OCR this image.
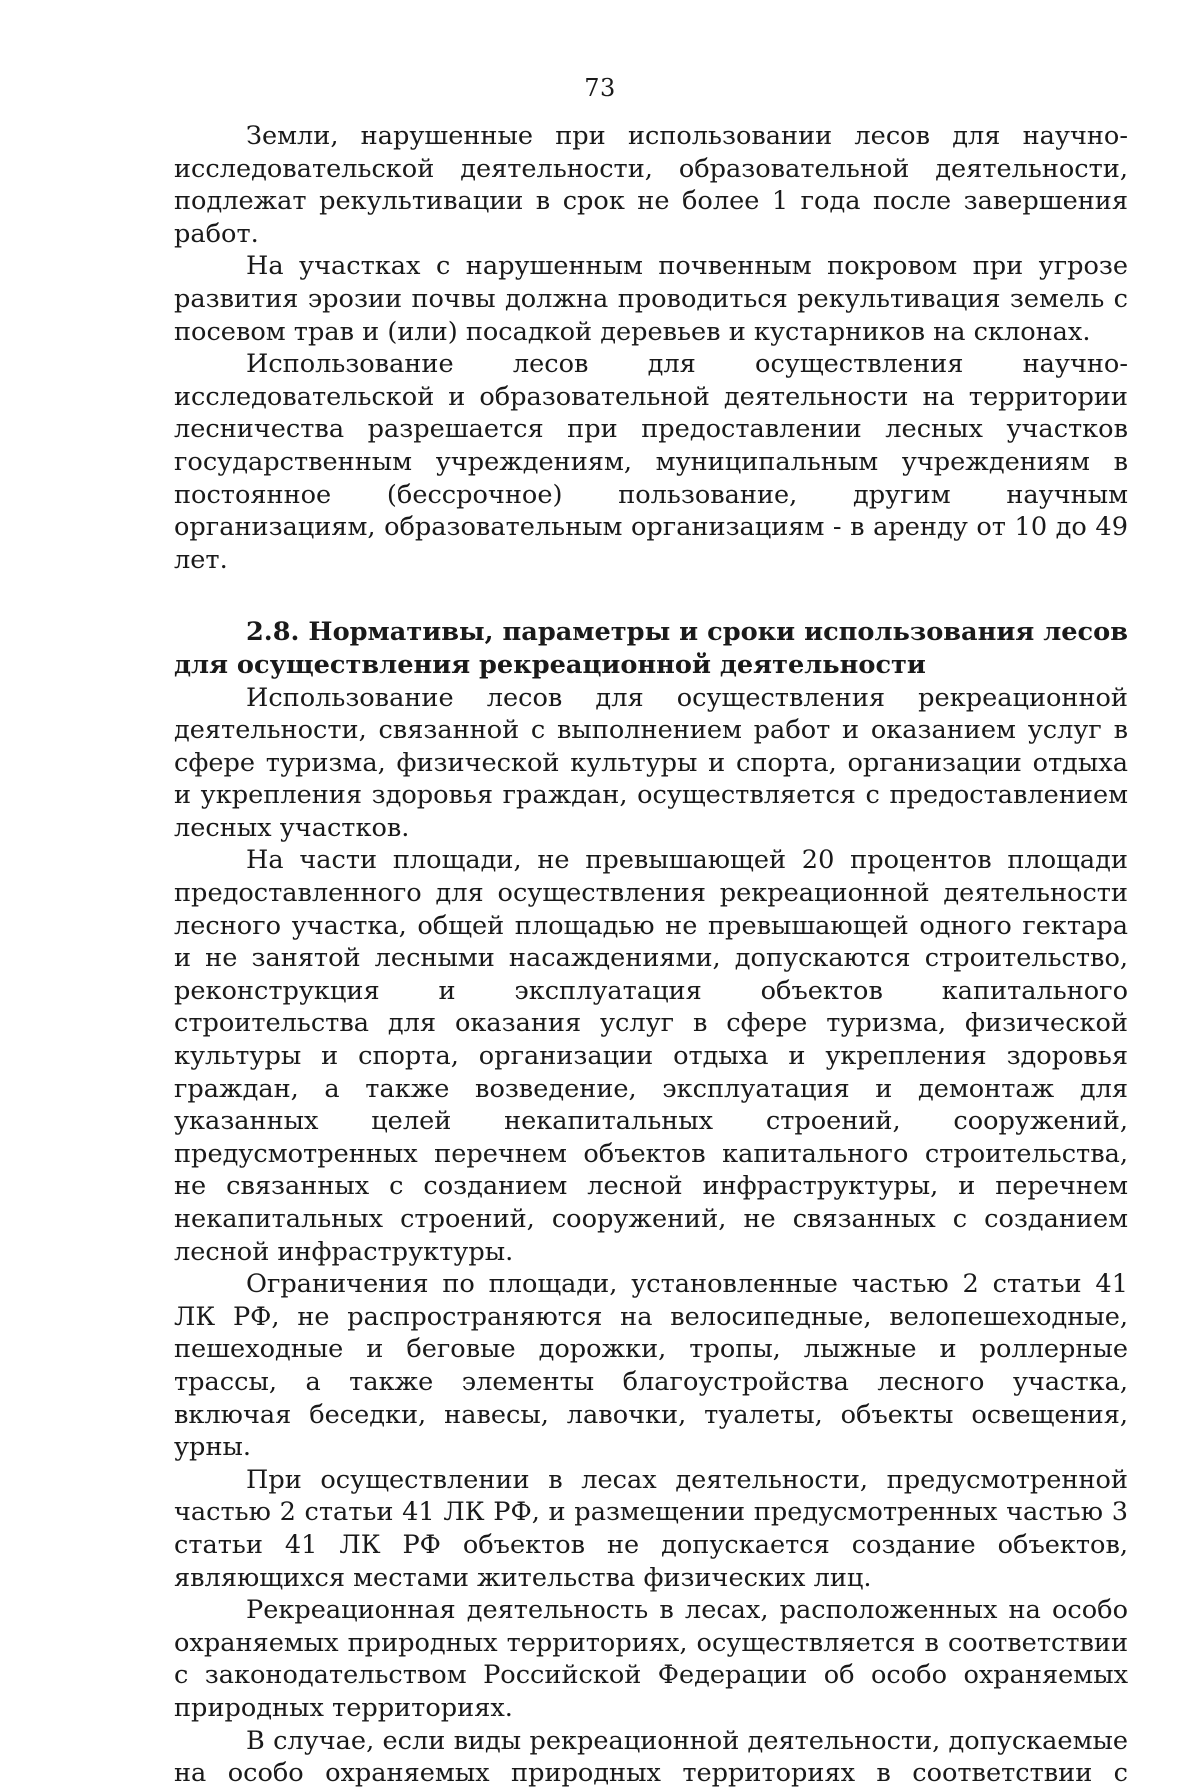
73

Земли, нарушенные при использовании лесов для научно-исследовательской деятельности, образовательной деятельности, подлежат рекультивации в срок не более 1 года после завершения работ.

На участках с нарушенным почвенным покровом при угрозе развития эрозии почвы должна проводиться рекультивация земель с посевом трав и (или) посадкой деревьев и кустарников на склонах.

Использование лесов для осуществления научно-исследовательской и образовательной деятельности на территории лесничества разрешается при предоставлении лесных участков государственным учреждениям, муниципальным учреждениям в постоянное (бессрочное) пользование, другим научным организациям, образовательным организациям - в аренду от 10 до 49 лет.

2.8. Нормативы, параметры и сроки использования лесов для осуществления рекреационной деятельности

Использование лесов для осуществления рекреационной деятельности, связанной с выполнением работ и оказанием услуг в сфере туризма, физической культуры и спорта, организации отдыха и укрепления здоровья граждан, осуществляется с предоставлением лесных участков.

На части площади, не превышающей 20 процентов площади предоставленного для осуществления рекреационной деятельности лесного участка, общей площадью не превышающей одного гектара и не занятой лесными насаждениями, допускаются строительство, реконструкция и эксплуатация объектов капитального строительства для оказания услуг в сфере туризма, физической культуры и спорта, организации отдыха и укрепления здоровья граждан, а также возведение, эксплуатация и демонтаж для указанных целей некапитальных строений, сооружений, предусмотренных перечнем объектов капитального строительства, не связанных с созданием лесной инфраструктуры, и перечнем некапитальных строений, сооружений, не связанных с созданием лесной инфраструктуры.

Ограничения по площади, установленные частью 2 статьи 41 ЛК РФ, не распространяются на велосипедные, велопешеходные, пешеходные и беговые дорожки, тропы, лыжные и роллерные трассы, а также элементы благоустройства лесного участка, включая беседки, навесы, лавочки, туалеты, объекты освещения, урны.

При осуществлении в лесах деятельности, предусмотренной частью 2 статьи 41 ЛК РФ, и размещении предусмотренных частью 3 статьи 41 ЛК РФ объектов не допускается создание объектов, являющихся местами жительства физических лиц.

Рекреационная деятельность в лесах, расположенных на особо охраняемых природных территориях, осуществляется в соответствии с законодательством Российской Федерации об особо охраняемых природных территориях.

В случае, если виды рекреационной деятельности, допускаемые на особо охраняемых природных территориях в соответствии с
